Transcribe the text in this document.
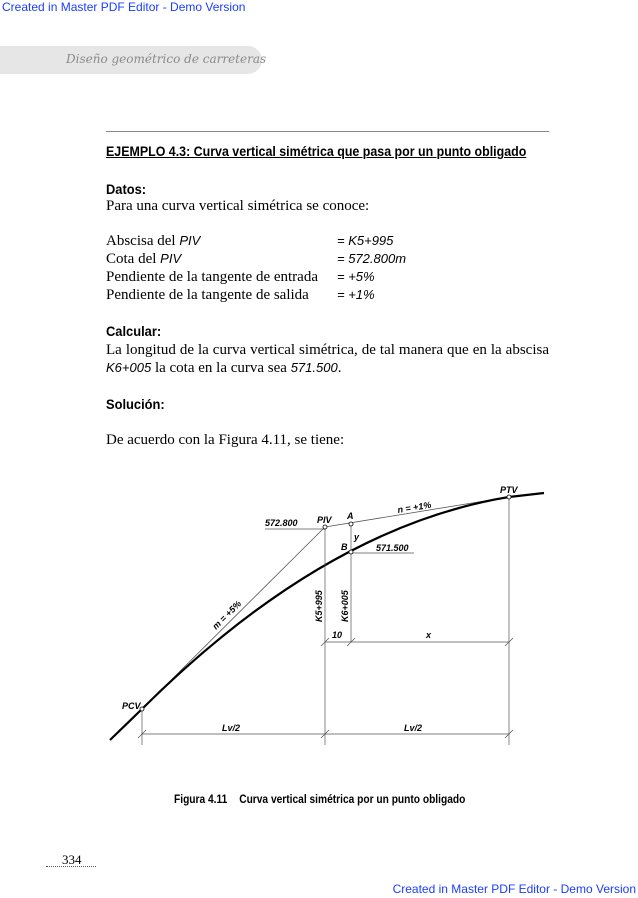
Created in Master PDF Editor - Demo Version
Diseño geométrico de carreteras
EJEMPLO 4.3: Curva vertical simétrica que pasa por un punto obligado
Datos:
Para una curva vertical simétrica se conoce:
Abscisa del PIV	= K5+995
Cota del PIV	= 572.800m
Pendiente de la tangente de entrada = +5%
Pendiente de la tangente de salida = +1%
Calcular:
La longitud de la curva vertical simétrica, de tal manera que en la abscisa K6+005 la cota en la curva sea 571.500.
Solución:
De acuerdo con la Figura 4.11, se tiene:
PTV
PIV A
y
B
572.800
571.500
n = +1%
m = +5%	K5+995 K6+005
10	x
PCV
Lv/2	Lv/2
Figura 4.11 Curva vertical simétrica por un punto obligado
334
Created in Master PDF Editor - Demo Version
